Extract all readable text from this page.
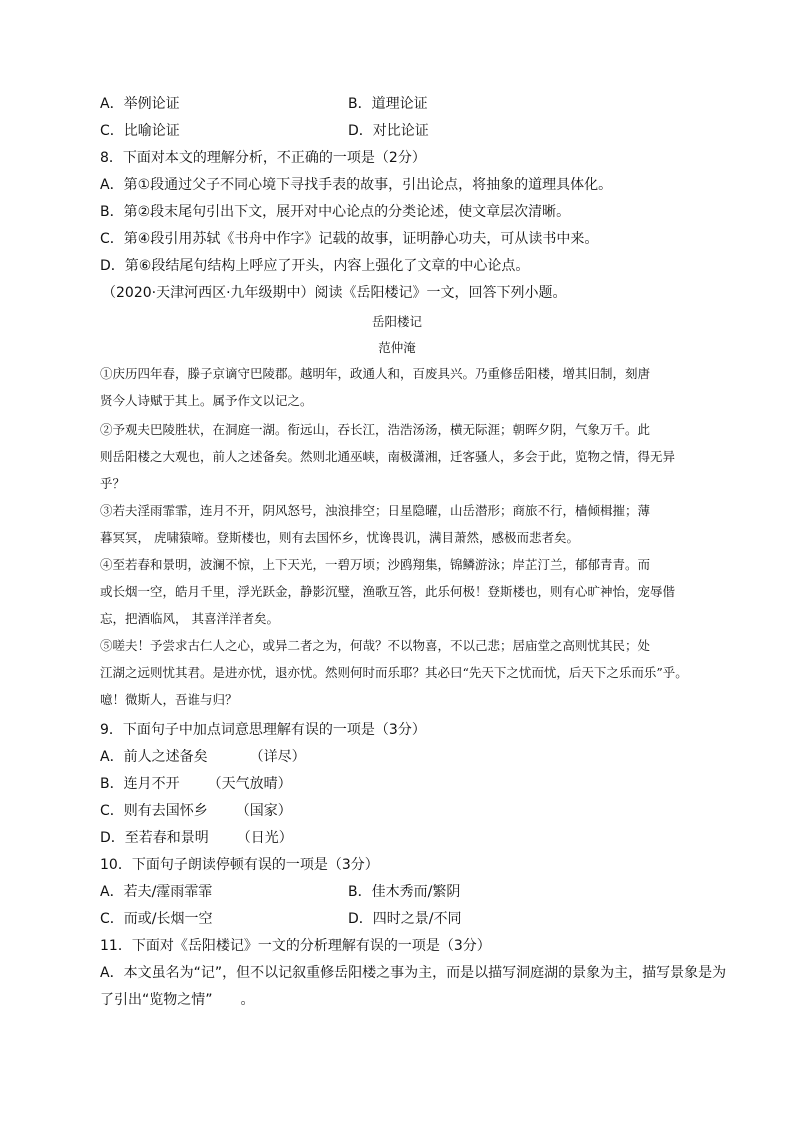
A．举例论证	B．道理论证
C．比喻论证	D．对比论证
8．下面对本文的理解分析，不正确的一项是（2分）
A．第①段通过父子不同心境下寻找手表的故事，引出论点，将抽象的道理具体化。
B．第②段末尾句引出下文，展开对中心论点的分类论述，使文章层次清晰。
C．第④段引用苏轼《书舟中作字》记载的故事，证明静心功夫，可从读书中来。
D．第⑥段结尾句结构上呼应了开头，内容上强化了文章的中心论点。
（2020·天津河西区·九年级期中）阅读《岳阳楼记》一文，回答下列小题。
岳阳楼记
范仲淹
①庆历四年春，滕子京谪守巴陵郡。越明年，政通人和，百废具兴。乃重修岳阳楼，增其旧制，刻唐
贤今人诗赋于其上。属予作文以记之。
②予观夫巴陵胜状，在洞庭一湖。衔远山，吞长江，浩浩汤汤，横无际涯；朝晖夕阴，气象万千。此
则岳阳楼之大观也，前人之述备矣。然则北通巫峡，南极潇湘，迁客骚人，多会于此，览物之情，得无异
乎？
③若夫淫雨霏霏，连月不开，阴风怒号，浊浪排空；日星隐曜，山岳潜形；商旅不行，樯倾楫摧；薄
暮冥冥， 虎啸猿啼。登斯楼也，则有去国怀乡，忧谗畏讥，满目萧然，感极而悲者矣。
④至若春和景明，波澜不惊，上下天光，一碧万顷；沙鸥翔集，锦鳞游泳；岸芷汀兰，郁郁青青。而
或长烟一空，皓月千里，浮光跃金，静影沉璧，渔歌互答，此乐何极！登斯楼也，则有心旷神怡，宠辱偕
忘，把酒临风， 其喜洋洋者矣。
⑤嗟夫！予尝求古仁人之心，或异二者之为，何哉？不以物喜，不以己悲；居庙堂之高则忧其民；处
江湖之远则忧其君。是进亦忧，退亦忧。然则何时而乐耶？其必曰“先天下之忧而忧，后天下之乐而乐”乎。
噫！微斯人，吾谁与归？
9．下面句子中加点词意思理解有误的一项是（3分）
A．前人之述备矣	（详尽）
B．连月不开 （天气放晴）
C．则有去国怀乡 （国家）
D．至若春和景明 （日光）
10．下面句子朗读停顿有误的一项是（3分）
A．若夫/霪雨霏霏	B．佳木秀而/繁阴
C．而或/长烟一空	D．四时之景/不同
11．下面对《岳阳楼记》一文的分析理解有误的一项是（3分）
A．本文虽名为“记”，但不以记叙重修岳阳楼之事为主，而是以描写洞庭湖的景象为主，描写景象是为
了引出“览物之情”　　。
